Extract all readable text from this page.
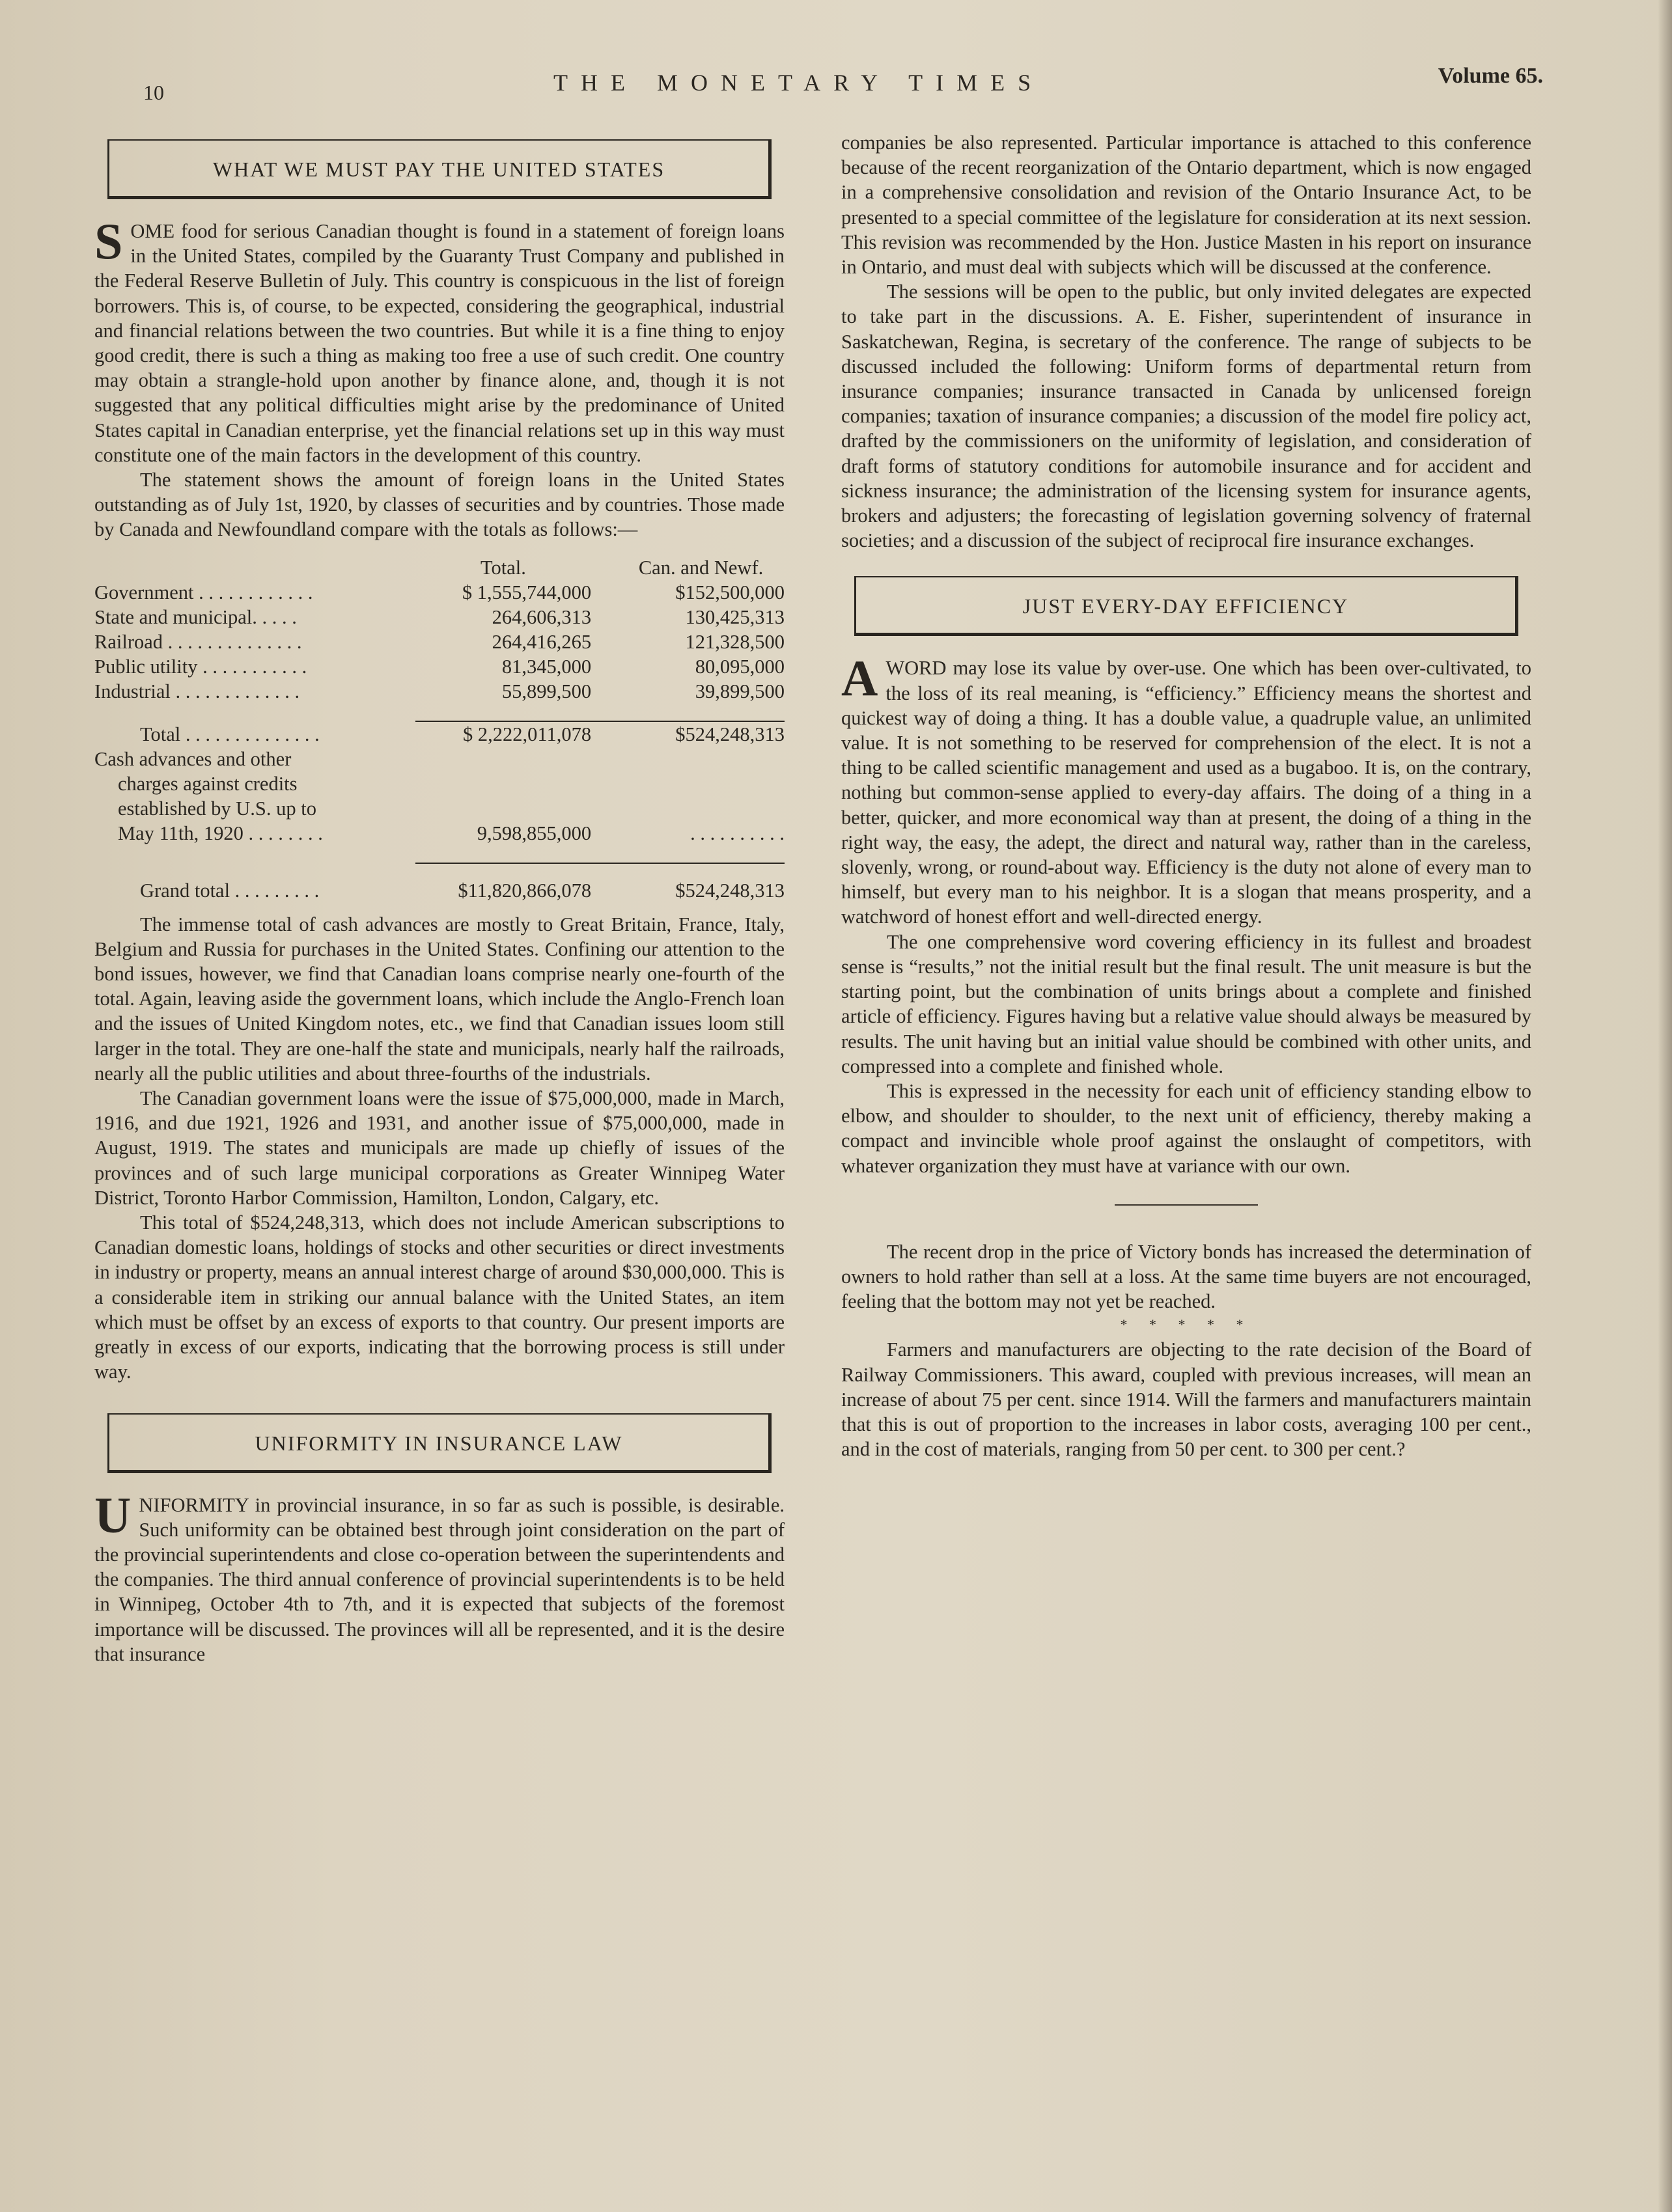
10	THE MONETARY TIMES	Volume 65.
WHAT WE MUST PAY THE UNITED STATES

SOME food for serious Canadian thought is found in a statement of foreign loans in the United States, compiled by the Guaranty Trust Company and published in the Federal Reserve Bulletin of July. This country is conspicuous in the list of foreign borrowers. This is, of course, to be expected, considering the geographical, industrial and financial relations between the two countries. But while it is a fine thing to enjoy good credit, there is such a thing as making too free a use of such credit. One country may obtain a strangle-hold upon another by finance alone, and, though it is not suggested that any political difficulties might arise by the predominance of United States capital in Canadian enterprise, yet the financial relations set up in this way must constitute one of the main factors in the development of this country.

The statement shows the amount of foreign loans in the United States outstanding as of July 1st, 1920, by classes of securities and by countries. Those made by Canada and Newfoundland compare with the totals as follows:—

	Total.	Can. and Newf.
Government . . . . . . . . . . . .	$ 1,555,744,000	$152,500,000
State and municipal. . . . .	264,606,313	130,425,313
Railroad . . . . . . . . . . . . . .	264,416,265	121,328,500
Public utility . . . . . . . . . . .	81,345,000	80,095,000
Industrial . . . . . . . . . . . . .	55,899,500	39,899,500

Total . . . . . . . . . . . . . .	$ 2,222,011,078	$524,248,313
Cash advances and other		
charges against credits		
established by U.S. up to		
May 11th, 1920 . . . . . . . .	9,598,855,000	. . . . . . . . . .

Grand total . . . . . . . . .	$11,820,866,078	$524,248,313

The immense total of cash advances are mostly to Great Britain, France, Italy, Belgium and Russia for purchases in the United States. Confining our attention to the bond issues, however, we find that Canadian loans comprise nearly one-fourth of the total. Again, leaving aside the government loans, which include the Anglo-French loan and the issues of United Kingdom notes, etc., we find that Canadian issues loom still larger in the total. They are one-half the state and municipals, nearly half the railroads, nearly all the public utilities and about three-fourths of the industrials.

The Canadian government loans were the issue of $75,000,000, made in March, 1916, and due 1921, 1926 and 1931, and another issue of $75,000,000, made in August, 1919. The states and municipals are made up chiefly of issues of the provinces and of such large municipal corporations as Greater Winnipeg Water District, Toronto Harbor Commission, Hamilton, London, Calgary, etc.

This total of $524,248,313, which does not include American subscriptions to Canadian domestic loans, holdings of stocks and other securities or direct investments in industry or property, means an annual interest charge of around $30,000,000. This is a considerable item in striking our annual balance with the United States, an item which must be offset by an excess of exports to that country. Our present imports are greatly in excess of our exports, indicating that the borrowing process is still under way.

UNIFORMITY IN INSURANCE LAW

UNIFORMITY in provincial insurance, in so far as such is possible, is desirable. Such uniformity can be obtained best through joint consideration on the part of the provincial superintendents and close co-operation between the superintendents and the companies. The third annual conference of provincial superintendents is to be held in Winnipeg, October 4th to 7th, and it is expected that subjects of the foremost importance will be discussed. The provinces will all be represented, and it is the desire that insurance

companies be also represented. Particular importance is attached to this conference because of the recent reorganization of the Ontario department, which is now engaged in a comprehensive consolidation and revision of the Ontario Insurance Act, to be presented to a special committee of the legislature for consideration at its next session. This revision was recommended by the Hon. Justice Masten in his report on insurance in Ontario, and must deal with subjects which will be discussed at the conference.

The sessions will be open to the public, but only invited delegates are expected to take part in the discussions. A. E. Fisher, superintendent of insurance in Saskatchewan, Regina, is secretary of the conference. The range of subjects to be discussed included the following: Uniform forms of departmental return from insurance companies; insurance transacted in Canada by unlicensed foreign companies; taxation of insurance companies; a discussion of the model fire policy act, drafted by the commissioners on the uniformity of legislation, and consideration of draft forms of statutory conditions for automobile insurance and for accident and sickness insurance; the administration of the licensing system for insurance agents, brokers and adjusters; the forecasting of legislation governing solvency of fraternal societies; and a discussion of the subject of reciprocal fire insurance exchanges.

JUST EVERY-DAY EFFICIENCY

AWORD may lose its value by over-use. One which has been over-cultivated, to the loss of its real meaning, is “efficiency.” Efficiency means the shortest and quickest way of doing a thing. It has a double value, a quadruple value, an unlimited value. It is not something to be reserved for comprehension of the elect. It is not a thing to be called scientific management and used as a bugaboo. It is, on the contrary, nothing but common-sense applied to every-day affairs. The doing of a thing in a better, quicker, and more economical way than at present, the doing of a thing in the right way, the easy, the adept, the direct and natural way, rather than in the careless, slovenly, wrong, or round-about way. Efficiency is the duty not alone of every man to himself, but every man to his neighbor. It is a slogan that means prosperity, and a watchword of honest effort and well-directed energy.

The one comprehensive word covering efficiency in its fullest and broadest sense is “results,” not the initial result but the final result. The unit measure is but the starting point, but the combination of units brings about a complete and finished article of efficiency. Figures having but a relative value should always be measured by results. The unit having but an initial value should be combined with other units, and compressed into a complete and finished whole.

This is expressed in the necessity for each unit of efficiency standing elbow to elbow, and shoulder to shoulder, to the next unit of efficiency, thereby making a compact and invincible whole proof against the onslaught of competitors, with whatever organization they must have at variance with our own.

The recent drop in the price of Victory bonds has increased the determination of owners to hold rather than sell at a loss. At the same time buyers are not encouraged, feeling that the bottom may not yet be reached.

* * * * *

Farmers and manufacturers are objecting to the rate decision of the Board of Railway Commissioners. This award, coupled with previous increases, will mean an increase of about 75 per cent. since 1914. Will the farmers and manufacturers maintain that this is out of proportion to the increases in labor costs, averaging 100 per cent., and in the cost of materials, ranging from 50 per cent. to 300 per cent.?
